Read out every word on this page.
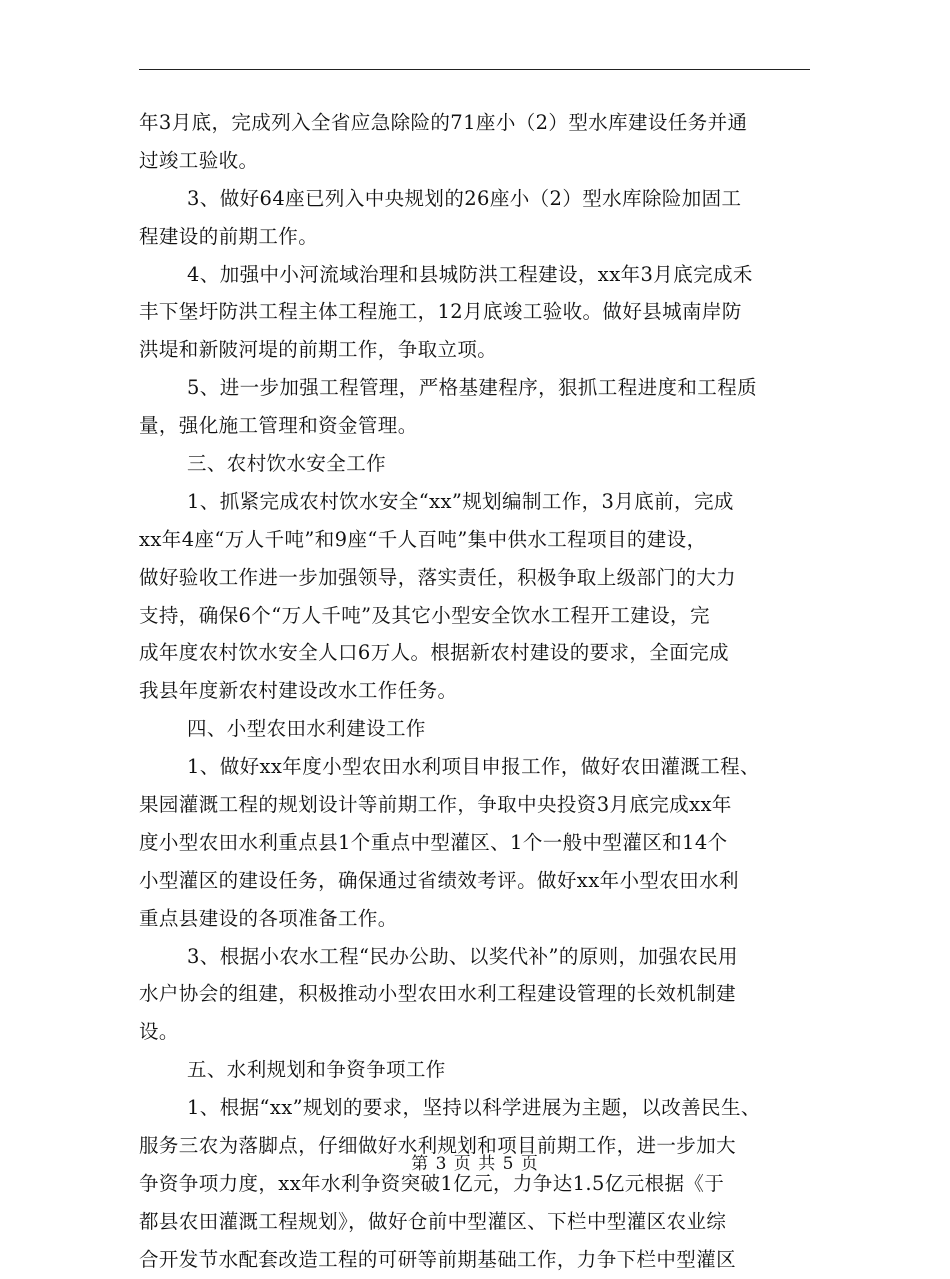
年3月底，完成列入全省应急除险的71座小（2）型水库建设任务并通
过竣工验收。
3、做好64座已列入中央规划的26座小（2）型水库除险加固工
程建设的前期工作。
4、加强中小河流域治理和县城防洪工程建设，xx年3月底完成禾
丰下堡圩防洪工程主体工程施工，12月底竣工验收。做好县城南岸防
洪堤和新陂河堤的前期工作，争取立项。
5、进一步加强工程管理，严格基建程序，狠抓工程进度和工程质
量，强化施工管理和资金管理。
三、农村饮水安全工作
1、抓紧完成农村饮水安全“xx”规划编制工作，3月底前，完成
xx年4座“万人千吨”和9座“千人百吨”集中供水工程项目的建设，
做好验收工作进一步加强领导，落实责任，积极争取上级部门的大力
支持，确保6个“万人千吨”及其它小型安全饮水工程开工建设，完
成年度农村饮水安全人口6万人。根据新农村建设的要求，全面完成
我县年度新农村建设改水工作任务。
四、小型农田水利建设工作
1、做好xx年度小型农田水利项目申报工作，做好农田灌溉工程、
果园灌溉工程的规划设计等前期工作，争取中央投资3月底完成xx年
度小型农田水利重点县1个重点中型灌区、1个一般中型灌区和14个
小型灌区的建设任务，确保通过省绩效考评。做好xx年小型农田水利
重点县建设的各项准备工作。
3、根据小农水工程“民办公助、以奖代补”的原则，加强农民用
水户协会的组建，积极推动小型农田水利工程建设管理的长效机制建
设。
五、水利规划和争资争项工作
1、根据“xx”规划的要求，坚持以科学进展为主题，以改善民生、
服务三农为落脚点，仔细做好水利规划和项目前期工作，进一步加大
争资争项力度，xx年水利争资突破1亿元，力争达1.5亿元根据《于
都县农田灌溉工程规划》，做好仓前中型灌区、下栏中型灌区农业综
合开发节水配套改造工程的可研等前期基础工作，力争下栏中型灌区
第 3 页 共 5 页
